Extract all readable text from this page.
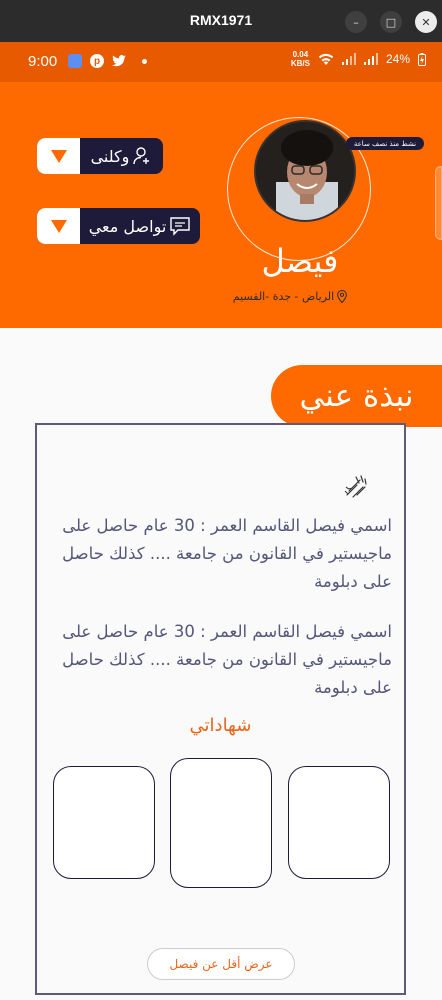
RMX1971	–	□	✕
9:00	p
0.04
KB/S	24%
نشط منذ نصف ساعة
فيصل
الرياض - جدة -القسيم
وكلنى
تواصل معي
نبذة عني
اسمي فيصل القاسم العمر : 30 عام حاصل على ماجيستير في القانون من جامعة .... كذلك حاصل على دبلومة
اسمي فيصل القاسم العمر : 30 عام حاصل على ماجيستير في القانون من جامعة .... كذلك حاصل على دبلومة
شهاداتي
عرض أقل عن فيصل
